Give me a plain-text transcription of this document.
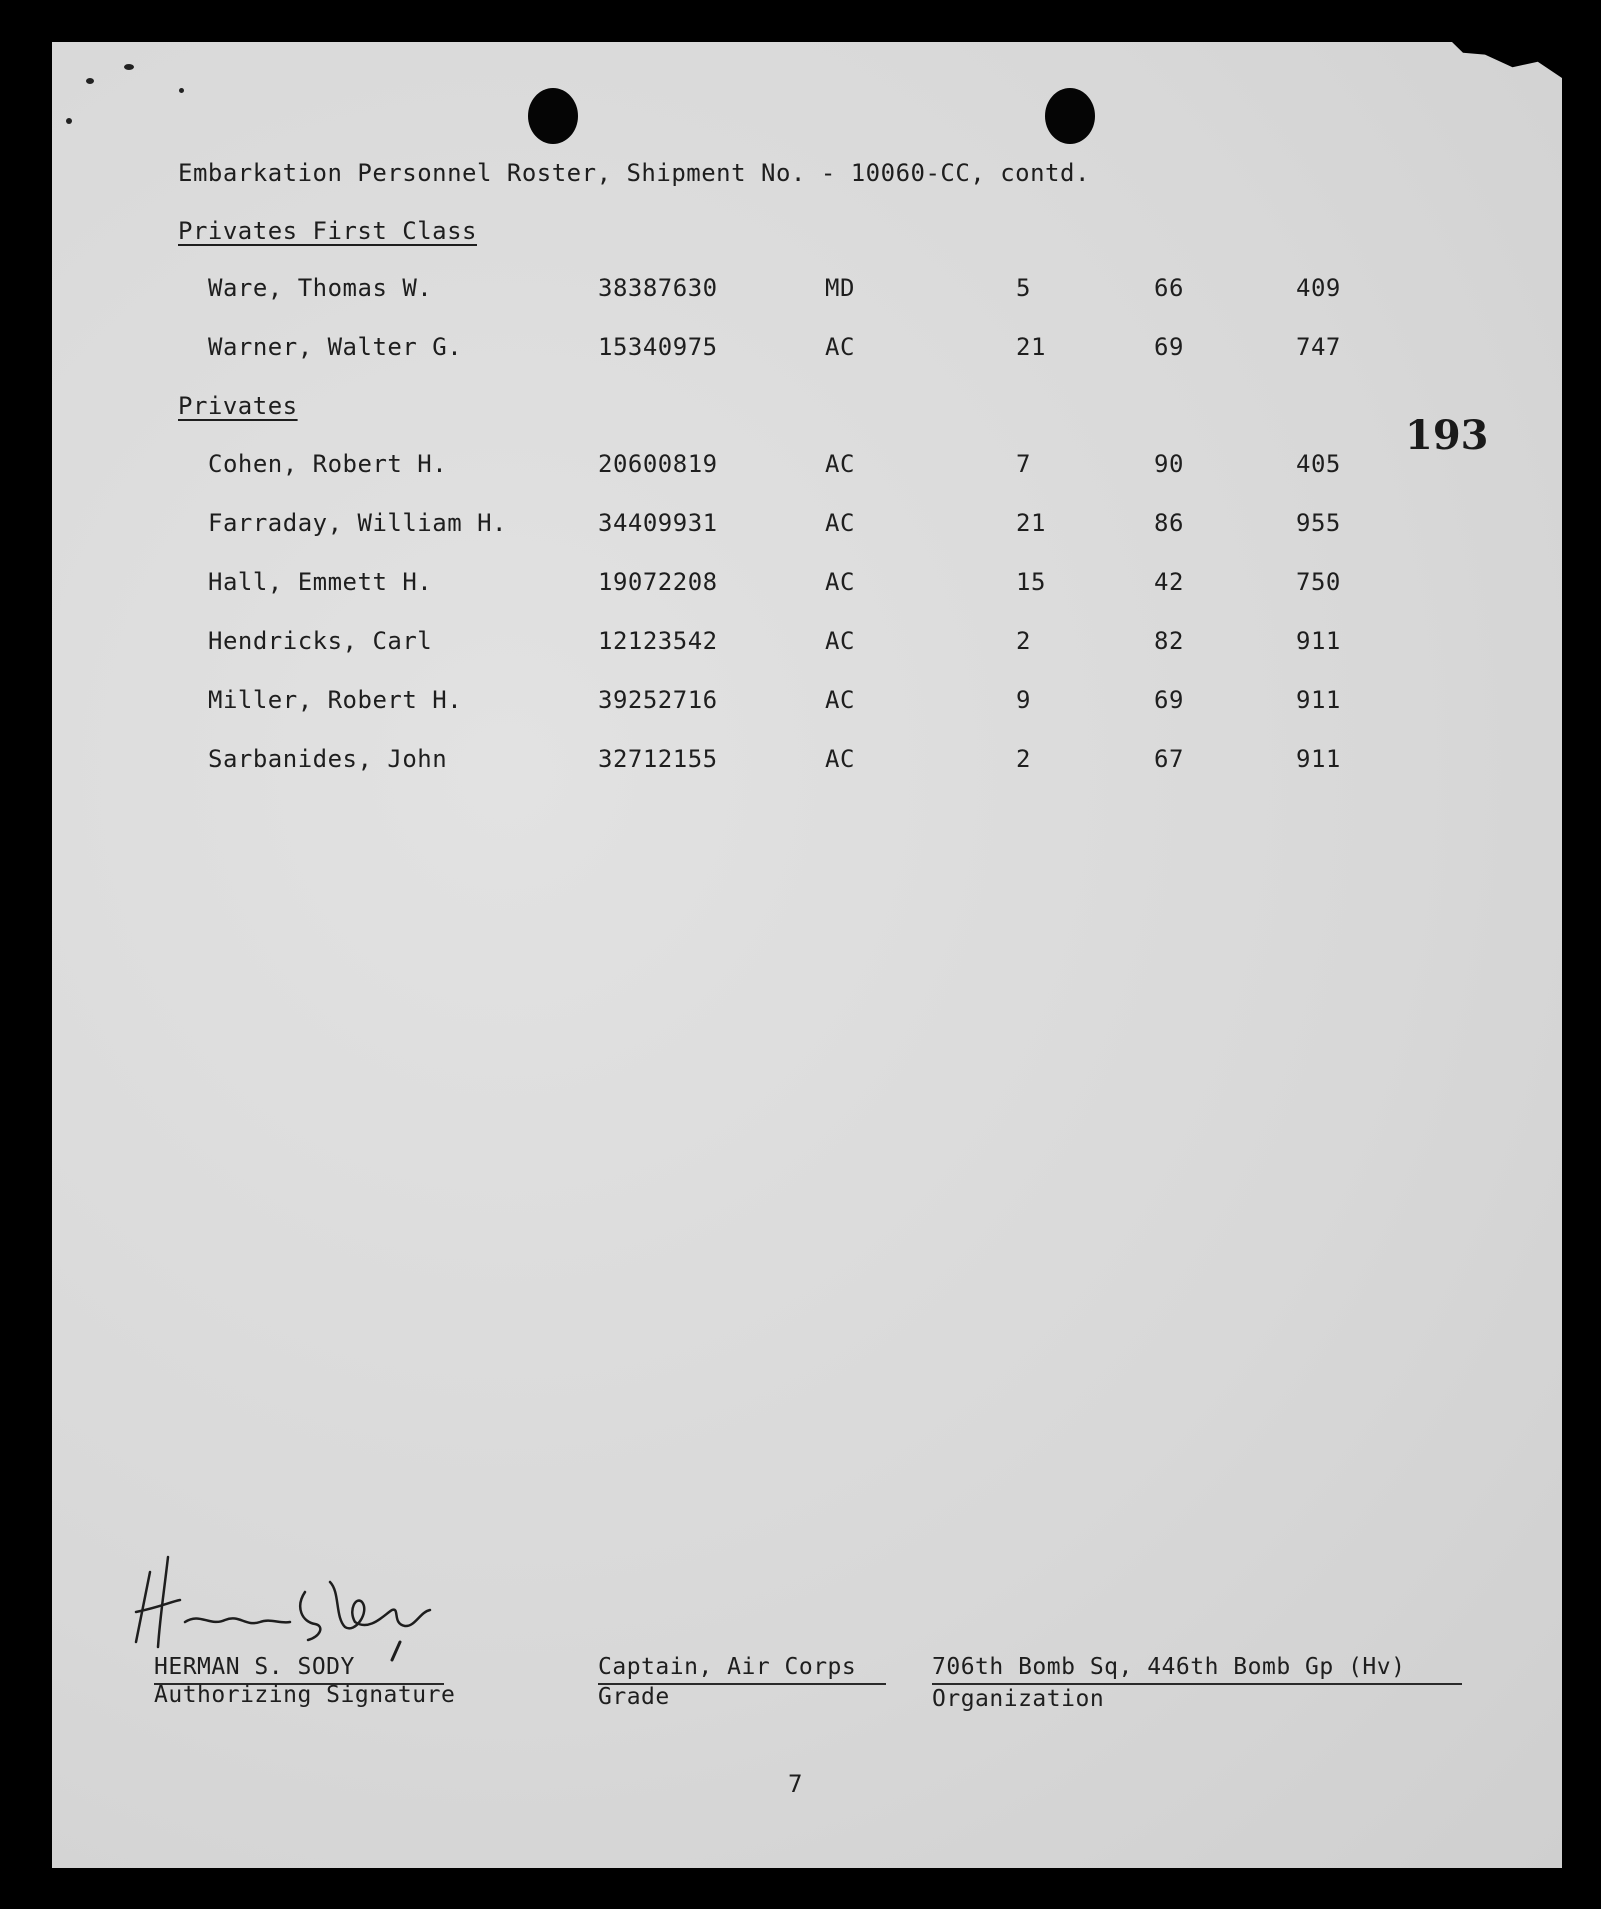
Embarkation Personnel Roster, Shipment No. - 10060-CC, contd.
Privates First Class
Ware, Thomas W.	38387630	MD	5	66	409
Warner, Walter G.	15340975	AC	21	69	747
Privates
193
Cohen, Robert H.	20600819	AC	7	90	405
Farraday, William H.	34409931	AC	21	86	955
Hall, Emmett H.	19072208	AC	15	42	750
Hendricks, Carl	12123542	AC	2	82	911
Miller, Robert H.	39252716	AC	9	69	911
Sarbanides, John	32712155	AC	2	67	911
HERMAN S. SODY
Authorizing Signature
Captain, Air Corps
Grade
706th Bomb Sq, 446th Bomb Gp (Hv)
Organization
7
